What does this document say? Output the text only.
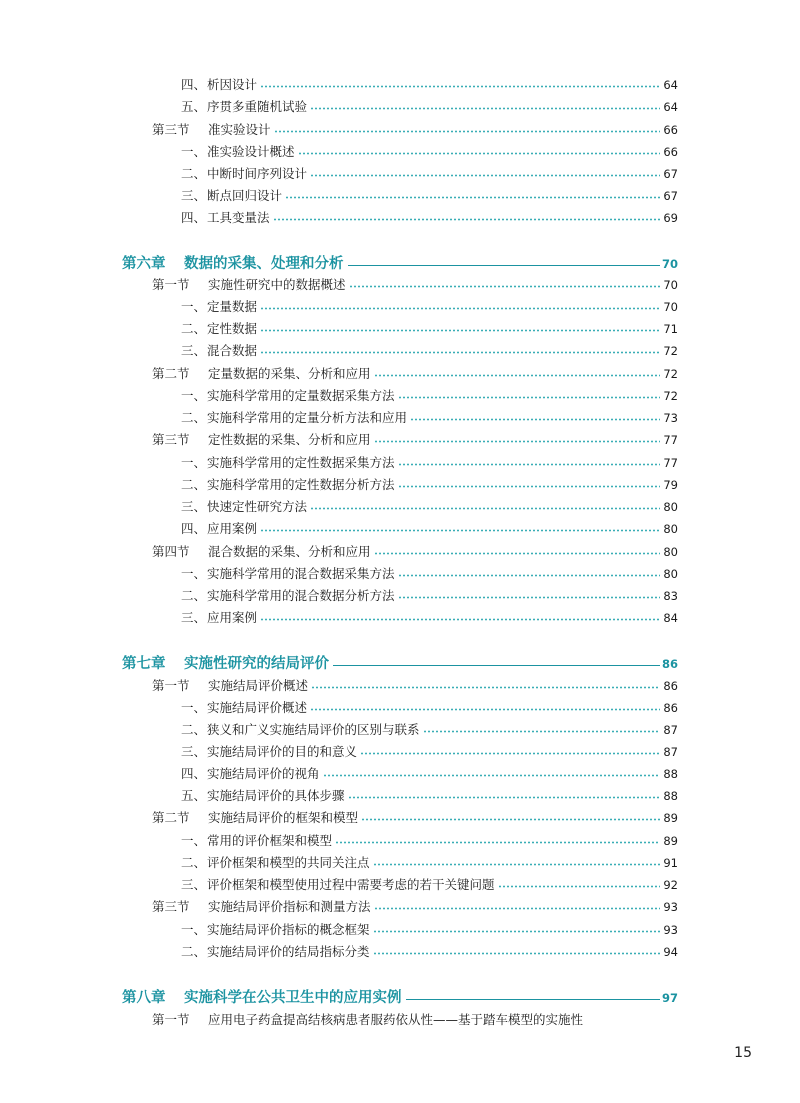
四、 析因设计	64
五、 序贯多重随机试验	64
第三节	准实验设计	66
一、 准实验设计概述	66
二、 中断时间序列设计	67
三、 断点回归设计	67
四、 工具变量法	69
第六章	数据的采集、处理和分析	70
第一节	实施性研究中的数据概述	70
一、 定量数据	70
二、 定性数据	71
三、 混合数据	72
第二节	定量数据的采集、分析和应用	72
一、 实施科学常用的定量数据采集方法	72
二、 实施科学常用的定量分析方法和应用	73
第三节	定性数据的采集、分析和应用	77
一、 实施科学常用的定性数据采集方法	77
二、 实施科学常用的定性数据分析方法	79
三、 快速定性研究方法	80
四、 应用案例	80
第四节	混合数据的采集、分析和应用	80
一、 实施科学常用的混合数据采集方法	80
二、 实施科学常用的混合数据分析方法	83
三、 应用案例	84
第七章	实施性研究的结局评价	86
第一节	实施结局评价概述	86
一、 实施结局评价概述	86
二、 狭义和广义实施结局评价的区别与联系	87
三、 实施结局评价的目的和意义	87
四、 实施结局评价的视角	88
五、 实施结局评价的具体步骤	88
第二节	实施结局评价的框架和模型	89
一、 常用的评价框架和模型	89
二、 评价框架和模型的共同关注点	91
三、 评价框架和模型使用过程中需要考虑的若干关键问题	92
第三节	实施结局评价指标和测量方法	93
一、 实施结局评价指标的概念框架	93
二、 实施结局评价的结局指标分类	94
第八章	实施科学在公共卫生中的应用实例	97
第一节	应用电子药盒提高结核病患者服药依从性——基于踏车模型的实施性
15
